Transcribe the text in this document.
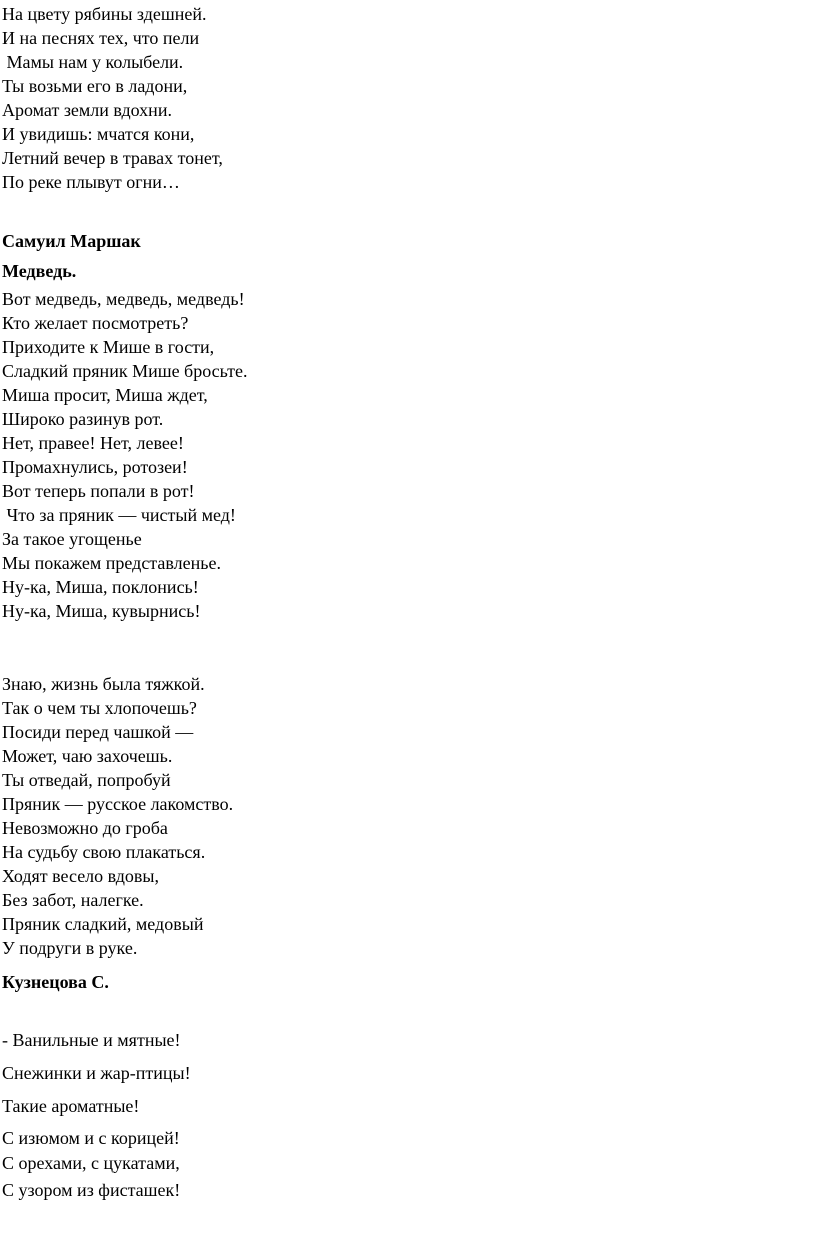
На цвету рябины здешней.
И на песнях тех, что пели
Мамы нам у колыбели.
Ты возьми его в ладони,
Аромат земли вдохни.
И увидишь: мчатся кони,
Летний вечер в травах тонет,
По реке плывут огни…
Самуил Маршак
Медведь.
Вот медведь, медведь, медведь!
Кто желает посмотреть?
Приходите к Мише в гости,
Сладкий пряник Мише бросьте.
Миша просит, Миша ждет,
Широко разинув рот.
Нет, правее! Нет, левее!
Промахнулись, ротозеи!
Вот теперь попали в рот!
Что за пряник — чистый мед!
За такое угощенье
Мы покажем представленье.
Ну-ка, Миша, поклонись!
Ну-ка, Миша, кувырнись!
Знаю, жизнь была тяжкой.
Так о чем ты хлопочешь?
Посиди перед чашкой —
Может, чаю захочешь.
Ты отведай, попробуй
Пряник — русское лакомство.
Невозможно до гроба
На судьбу свою плакаться.
Ходят весело вдовы,
Без забот, налегке.
Пряник сладкий, медовый
У подруги в руке.
Кузнецова С.
- Ванильные и мятные!
Снежинки и жар-птицы!
Такие ароматные!
С изюмом и с корицей!
С орехами, с цукатами,
С узором из фисташек!
